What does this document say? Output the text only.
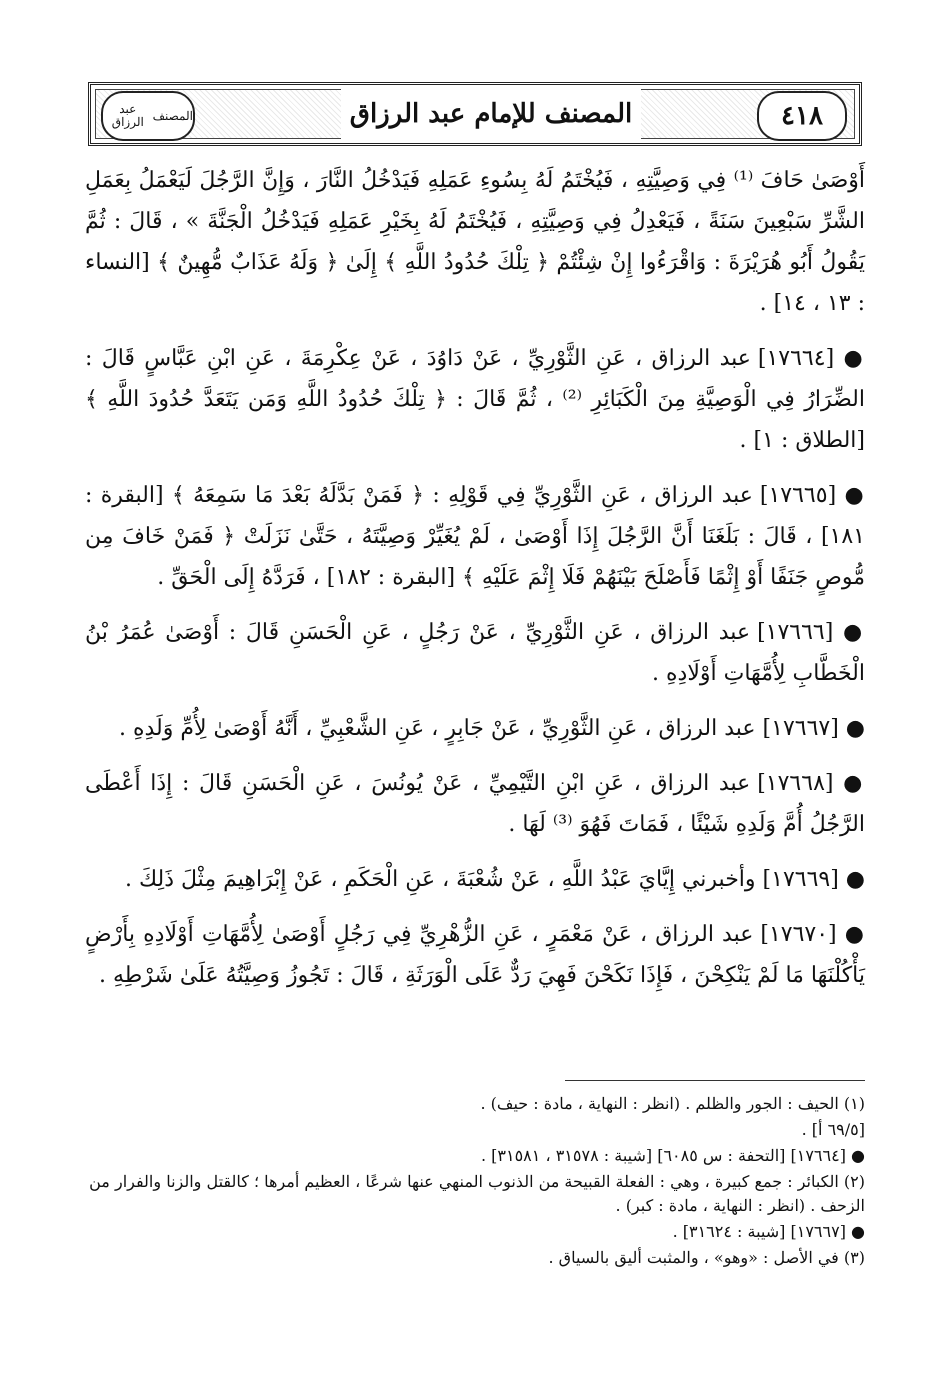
٤١٨
المصنف للإمام عبد الرزاق
المصنف
عبد الرزاق

أَوْصَىٰ حَافَ ⁽¹⁾ فِي وَصِيَّتِهِ ، فَيُخْتَمُ لَهُ بِسُوءِ عَمَلِهِ فَيَدْخُلُ النَّارَ ، وَإِنَّ الرَّجُلَ لَيَعْمَلُ بِعَمَلِ الشَّرِّ سَبْعِينَ سَنَةً ، فَيَعْدِلُ فِي وَصِيَّتِهِ ، فَيُخْتَمُ لَهُ بِخَيْرِ عَمَلِهِ فَيَدْخُلُ الْجَنَّةَ » ، قَالَ : ثُمَّ يَقُولُ أَبُو هُرَيْرَةَ : وَاقْرَءُوا إِنْ شِئْتُمْ ﴿ تِلْكَ حُدُودُ اللَّهِ ﴾ إِلَىٰ ﴿ وَلَهُ عَذَابٌ مُّهِينٌ ﴾ [النساء : ١٣ ، ١٤] .

● [١٧٦٦٤] عبد الرزاق ، عَنِ الثَّوْرِيِّ ، عَنْ دَاوُدَ ، عَنْ عِكْرِمَةَ ، عَنِ ابْنِ عَبَّاسٍ قَالَ : الضِّرَارُ فِي الْوَصِيَّةِ مِنَ الْكَبَائِرِ ⁽²⁾ ، ثُمَّ قَالَ : ﴿ تِلْكَ حُدُودُ اللَّهِ وَمَن يَتَعَدَّ حُدُودَ اللَّهِ ﴾ [الطلاق : ١] .

● [١٧٦٦٥] عبد الرزاق ، عَنِ الثَّوْرِيِّ فِي قَوْلِهِ : ﴿ فَمَنْ بَدَّلَهُ بَعْدَ مَا سَمِعَهُ ﴾ [البقرة : ١٨١] ، قَالَ : بَلَغَنَا أَنَّ الرَّجُلَ إِذَا أَوْصَىٰ ، لَمْ يُغَيِّرْ وَصِيَّتَهُ ، حَتَّىٰ نَزَلَتْ ﴿ فَمَنْ خَافَ مِن مُّوصٍ جَنَفًا أَوْ إِثْمًا فَأَصْلَحَ بَيْنَهُمْ فَلَا إِثْمَ عَلَيْهِ ﴾ [البقرة : ١٨٢] ، فَرَدَّهُ إِلَى الْحَقِّ .

● [١٧٦٦٦] عبد الرزاق ، عَنِ الثَّوْرِيِّ ، عَنْ رَجُلٍ ، عَنِ الْحَسَنِ قَالَ : أَوْصَىٰ عُمَرُ بْنُ الْخَطَّابِ لِأُمَّهَاتِ أَوْلَادِهِ .

● [١٧٦٦٧] عبد الرزاق ، عَنِ الثَّوْرِيِّ ، عَنْ جَابِرٍ ، عَنِ الشَّعْبِيِّ ، أَنَّهُ أَوْصَىٰ لِأُمِّ وَلَدِهِ .

● [١٧٦٦٨] عبد الرزاق ، عَنِ ابْنِ التَّيْمِيِّ ، عَنْ يُونُسَ ، عَنِ الْحَسَنِ قَالَ : إِذَا أَعْطَى الرَّجُلُ أُمَّ وَلَدِهِ شَيْئًا ، فَمَاتَ فَهُوَ ⁽³⁾ لَهَا .

● [١٧٦٦٩] وأخبرني إِيَّايَ عَبْدُ اللَّهِ ، عَنْ شُعْبَةَ ، عَنِ الْحَكَمِ ، عَنْ إِبْرَاهِيمَ مِثْلَ ذَلِكَ .

● [١٧٦٧٠] عبد الرزاق ، عَنْ مَعْمَرٍ ، عَنِ الزُّهْرِيِّ فِي رَجُلٍ أَوْصَىٰ لِأُمَّهَاتِ أَوْلَادِهِ بِأَرْضٍ يَأْكُلْنَهَا مَا لَمْ يَنْكِحْنَ ، فَإِذَا نَكَحْنَ فَهِيَ رَدٌّ عَلَى الْوَرَثَةِ ، قَالَ : تَجُوزُ وَصِيَّتُهُ عَلَىٰ شَرْطِهِ .

(١) الحيف : الجور والظلم . (انظر : النهاية ، مادة : حيف) .
[٦٩/٥ أ] .
● [١٧٦٦٤] [التحفة : س ٦٠٨٥] [شيبة : ٣١٥٧٨ ، ٣١٥٨١] .
(٢) الكبائر : جمع كبيرة ، وهي : الفعلة القبيحة من الذنوب المنهي عنها شرعًا ، العظيم أمرها ؛ كالقتل والزنا والفرار من الزحف . (انظر : النهاية ، مادة : كبر) .
● [١٧٦٦٧] [شيبة : ٣١٦٢٤] .
(٣) في الأصل : «وهو» ، والمثبت أليق بالسياق .
